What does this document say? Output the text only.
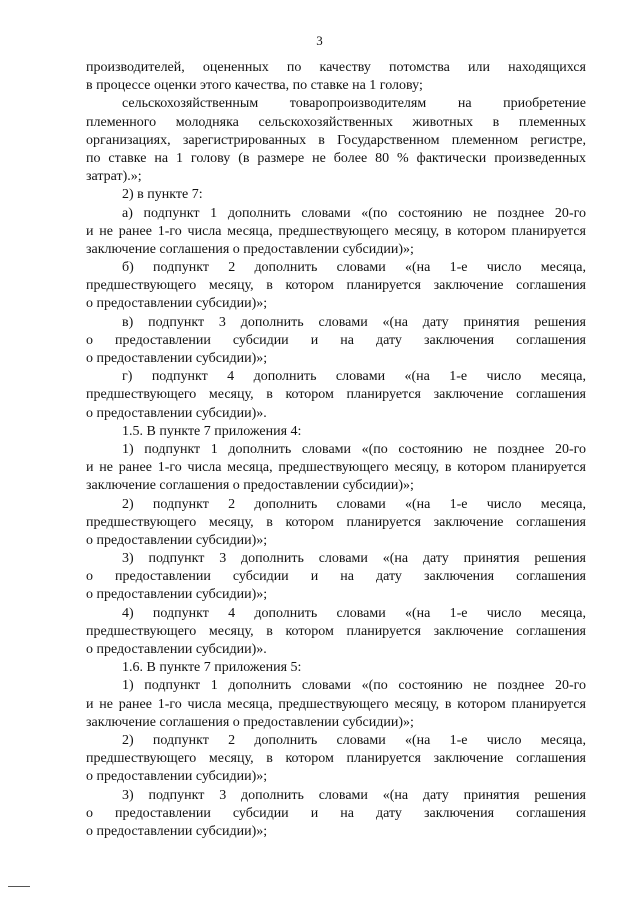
3
производителей, оцененных по качеству потомства или находящихся
в процессе оценки этого качества, по ставке на 1 голову;
сельскохозяйственным товаропроизводителям на приобретение
племенного молодняка сельскохозяйственных животных в племенных
организациях, зарегистрированных в Государственном племенном регистре,
по ставке на 1 голову (в размере не более 80 % фактически произведенных
затрат).»;
2) в пункте 7:
а) подпункт 1 дополнить словами «(по состоянию не позднее 20-го
и не ранее 1-го числа месяца, предшествующего месяцу, в котором планируется
заключение соглашения о предоставлении субсидии)»;
б) подпункт 2 дополнить словами «(на 1-е число месяца,
предшествующего месяцу, в котором планируется заключение соглашения
о предоставлении субсидии)»;
в) подпункт 3 дополнить словами «(на дату принятия решения
о предоставлении субсидии и на дату заключения соглашения
о предоставлении субсидии)»;
г) подпункт 4 дополнить словами «(на 1-е число месяца,
предшествующего месяцу, в котором планируется заключение соглашения
о предоставлении субсидии)».
1.5. В пункте 7 приложения 4:
1) подпункт 1 дополнить словами «(по состоянию не позднее 20-го
и не ранее 1-го числа месяца, предшествующего месяцу, в котором планируется
заключение соглашения о предоставлении субсидии)»;
2) подпункт 2 дополнить словами «(на 1-е число месяца,
предшествующего месяцу, в котором планируется заключение соглашения
о предоставлении субсидии)»;
3) подпункт 3 дополнить словами «(на дату принятия решения
о предоставлении субсидии и на дату заключения соглашения
о предоставлении субсидии)»;
4) подпункт 4 дополнить словами «(на 1-е число месяца,
предшествующего месяцу, в котором планируется заключение соглашения
о предоставлении субсидии)».
1.6. В пункте 7 приложения 5:
1) подпункт 1 дополнить словами «(по состоянию не позднее 20-го
и не ранее 1-го числа месяца, предшествующего месяцу, в котором планируется
заключение соглашения о предоставлении субсидии)»;
2) подпункт 2 дополнить словами «(на 1-е число месяца,
предшествующего месяцу, в котором планируется заключение соглашения
о предоставлении субсидии)»;
3) подпункт 3 дополнить словами «(на дату принятия решения
о предоставлении субсидии и на дату заключения соглашения
о предоставлении субсидии)»;
